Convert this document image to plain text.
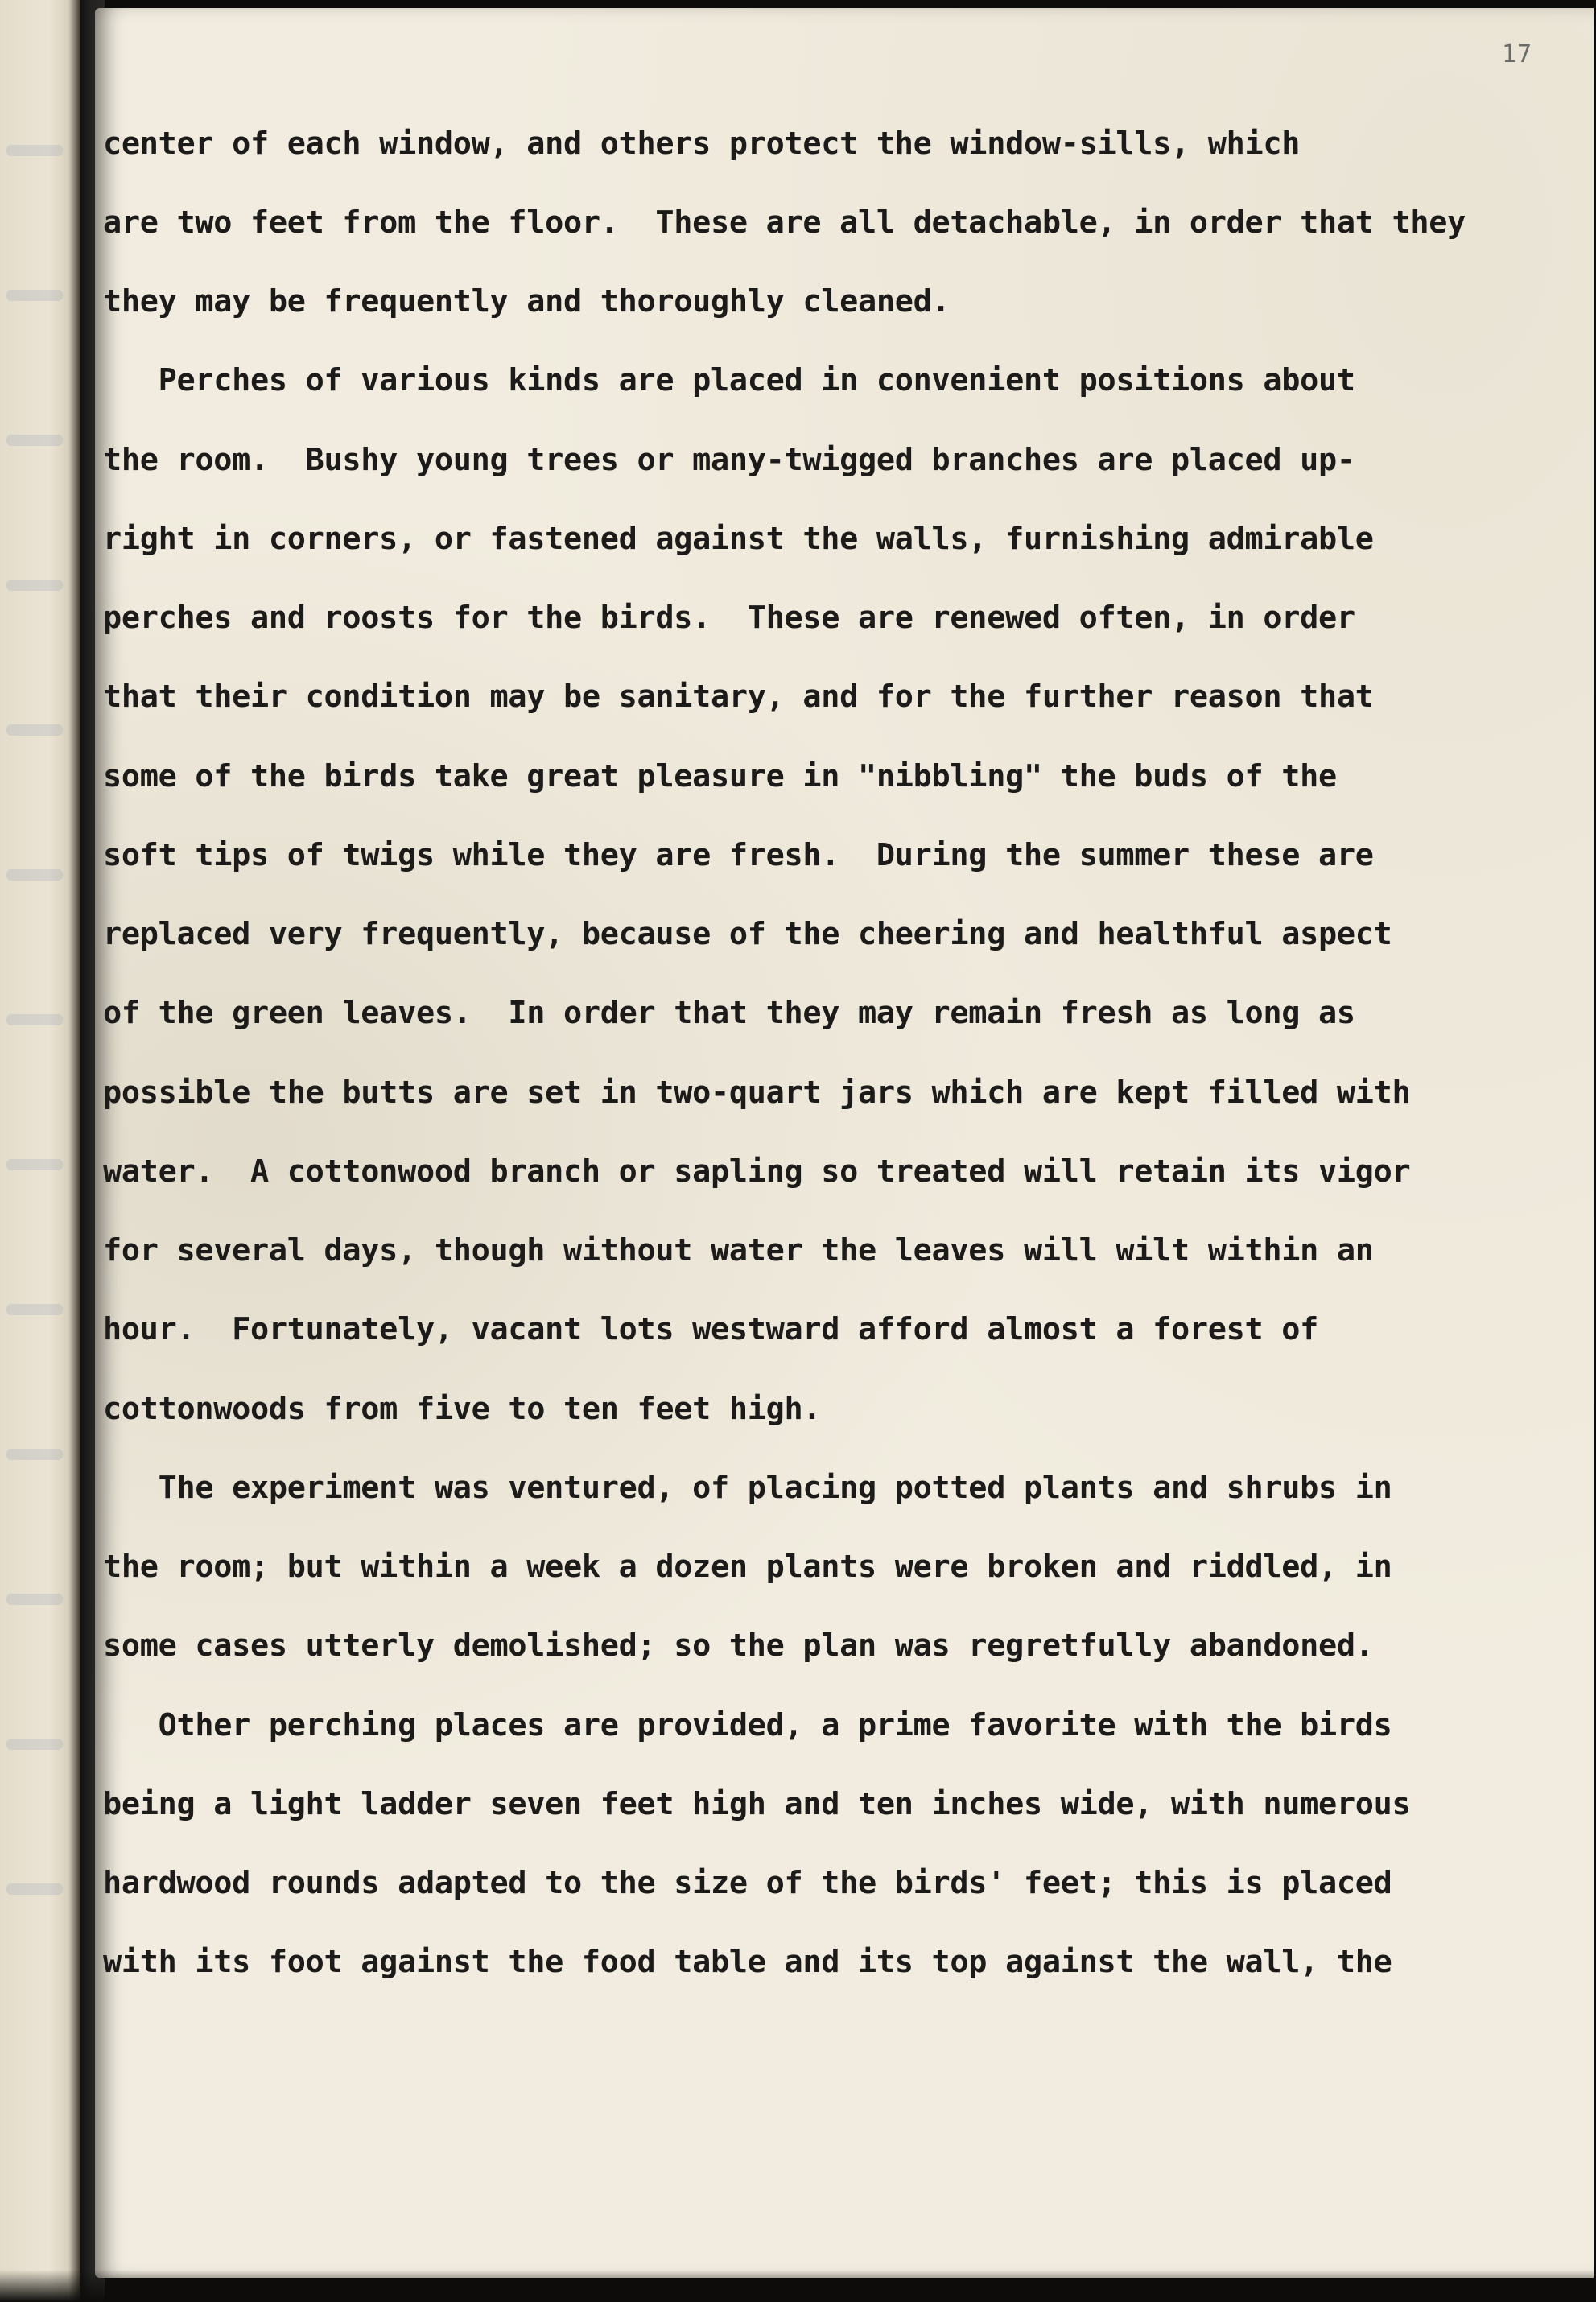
17
center of each window, and others protect the window-sills, which
are two feet from the floor.  These are all detachable, in order that they
they may be frequently and thoroughly cleaned.
Perches of various kinds are placed in convenient positions about
the room.  Bushy young trees or many-twigged branches are placed up-
right in corners, or fastened against the walls, furnishing admirable
perches and roosts for the birds.  These are renewed often, in order
that their condition may be sanitary, and for the further reason that
some of the birds take great pleasure in "nibbling" the buds of the
soft tips of twigs while they are fresh.  During the summer these are
replaced very frequently, because of the cheering and healthful aspect
of the green leaves.  In order that they may remain fresh as long as
possible the butts are set in two-quart jars which are kept filled with
water.  A cottonwood branch or sapling so treated will retain its vigor
for several days, though without water the leaves will wilt within an
hour.  Fortunately, vacant lots westward afford almost a forest of
cottonwoods from five to ten feet high.
The experiment was ventured, of placing potted plants and shrubs in
the room; but within a week a dozen plants were broken and riddled, in
some cases utterly demolished; so the plan was regretfully abandoned.
Other perching places are provided, a prime favorite with the birds
being a light ladder seven feet high and ten inches wide, with numerous
hardwood rounds adapted to the size of the birds' feet; this is placed
with its foot against the food table and its top against the wall, the
